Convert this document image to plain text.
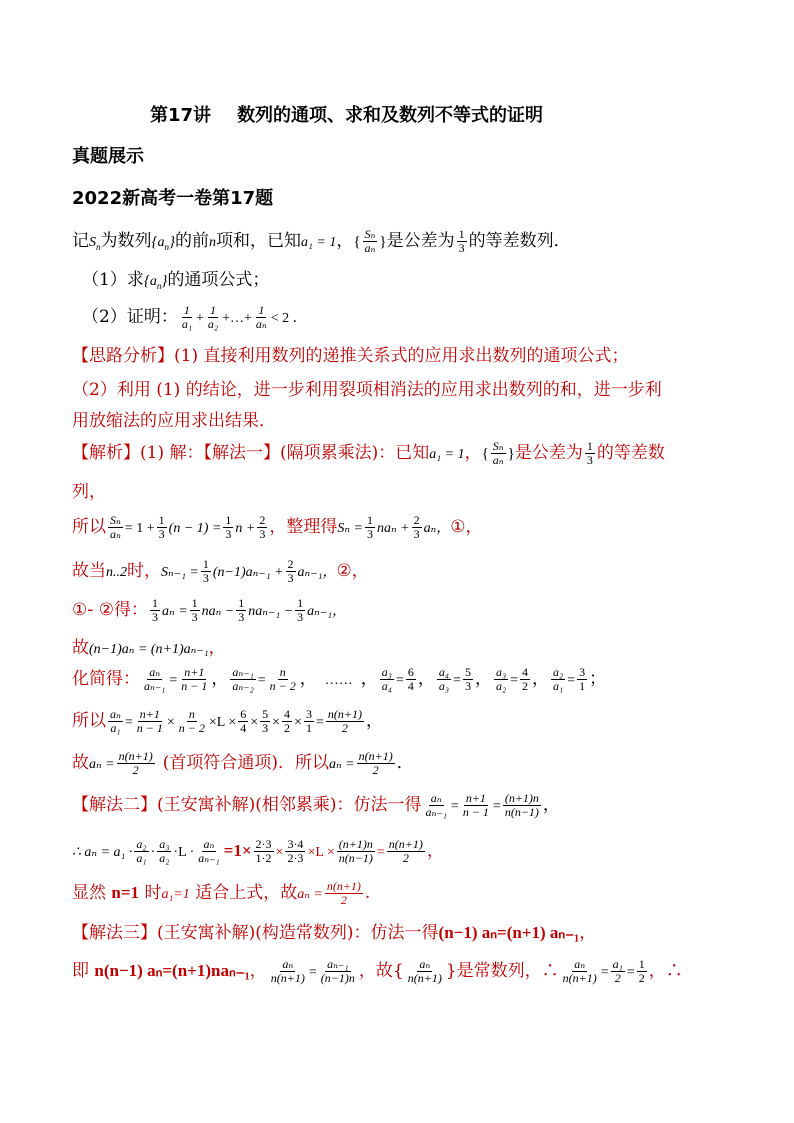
第17讲 数列的通项、求和及数列不等式的证明
真题展示
2022新高考一卷第17题
记$S_n$为数列$\{a_n\}$的前n项和，已知a₁ = 1，{ $\frac{\text{Sₙ}}{\text{aₙ}}$ }是公差为 $\frac{1}{3}$ 的等差数列．
（1）求$\{a_n\}$的通项公式；
（2）证明： $\frac{1}{\text{a₁}} + \frac{1}{\text{a₂}}$ +…+ $\frac{1}{\text{aₙ}} < 2$ ．
【思路分析】(1) 直接利用数列的递推关系式的应用求出数列的通项公式；
（2）利用 (1) 的结论，进一步利用裂项相消法的应用求出数列的和，进一步利
用放缩法的应用求出结果．
【解析】(1) 解：【解法一】(隔项累乘法)：已知a₁ = 1，{ $\frac{\text{Sₙ}}{\text{aₙ}}$ }是公差为 $\frac{1}{3}$ 的等差数
列，
所以 $\frac{\text{Sₙ}}{\text{aₙ}} = 1 + \frac{1}{3} (n - 1) = \frac{1}{3}$ $n + \frac{2}{3}$ ，整理得$S_n = \frac{1}{3}$ $na_n + \frac{2}{3}$ aₙ，①，
故当n..2时，$S_{n-1} = \frac{1}{3} (n-1)a_{n-1} + \frac{2}{3} a_{n-1}$，②，
①- ②得： $\frac{1}{3}$ $a_n = \frac{1}{3}$ $na_n - \frac{1}{3} na_{n-1} - \frac{1}{3} a_{n-1}$，
故(n−1)aₙ = (n+1)aₙ₋₁，
化简得： $\frac{\text{aₙ}}{\text{aₙ₋₁}} = \frac{n+1}{n - 1}$ ， $\frac{\text{aₙ₋₁}}{\text{aₙ₋₂}} = \frac{n}{n - 2}$ ， …… ， $\frac{\text{a₃}}{\text{a₄}} = \frac{6}{4}$ ， $\frac{\text{a₄}}{\text{a₃}} = \frac{5}{3}$ ， $\frac{\text{a₃}}{\text{a₂}} = \frac{4}{2}$ ， $\frac{\text{a₂}}{\text{a₁}} = \frac{3}{1}$ ；
所以 $\frac{\text{aₙ}}{\text{a₁}} = \frac{n+1}{n - 1} \times \frac{n}{n - 2} \times L \times \frac{6}{4} \times \frac{5}{3} \times \frac{4}{2} \times \frac{3}{1} = \frac{n(n+1)}{2}$ ，
故$a_n = \frac{n(n+1)}{2}$ (首项符合通项)．所以$a_n = \frac{n(n+1)}{2}$ ．
【解法二】(王安寓补解)(相邻累乘)：仿法一得 $\frac{\text{aₙ}}{\text{aₙ₋₁}} = \frac{n+1}{n - 1} = \frac{(n+1)n}{n(n-1)}$ ，
∴ $a_n = a_1 \cdot \frac{\text{a₂}}{\text{a₁}} \cdot \frac{\text{a₃}}{\text{a₂}} \cdot L \cdot \frac{\text{aₙ}}{\text{aₙ₋₁}} =1\times \frac{2\cdot 3}{1\cdot 2} \times \frac{3\cdot 4}{2\cdot 3} \times L \times \frac{(n+1)n}{n(n-1)} = \frac{n(n+1)}{2}$ ，
显然 n=1 时a₁=1 适合上式，故$a_n = \frac{n(n+1)}{2}$ .
【解法三】(王安寓补解)(构造常数列)：仿法一得(n−1) aₙ=(n+1) aₙ₋₁，
即 n(n−1) aₙ=(n+1)naₙ₋₁， $\frac{\text{aₙ}}{n(n+1)} = \frac{\text{aₙ₋₁}}{(n-1)n}$ ，故{ $\frac{\text{aₙ}}{n(n+1)}$ }是常数列，∴ $\frac{\text{aₙ}}{n(n+1)} = \frac{\text{a₁}}{2} = \frac{1}{2}$ ，∴
